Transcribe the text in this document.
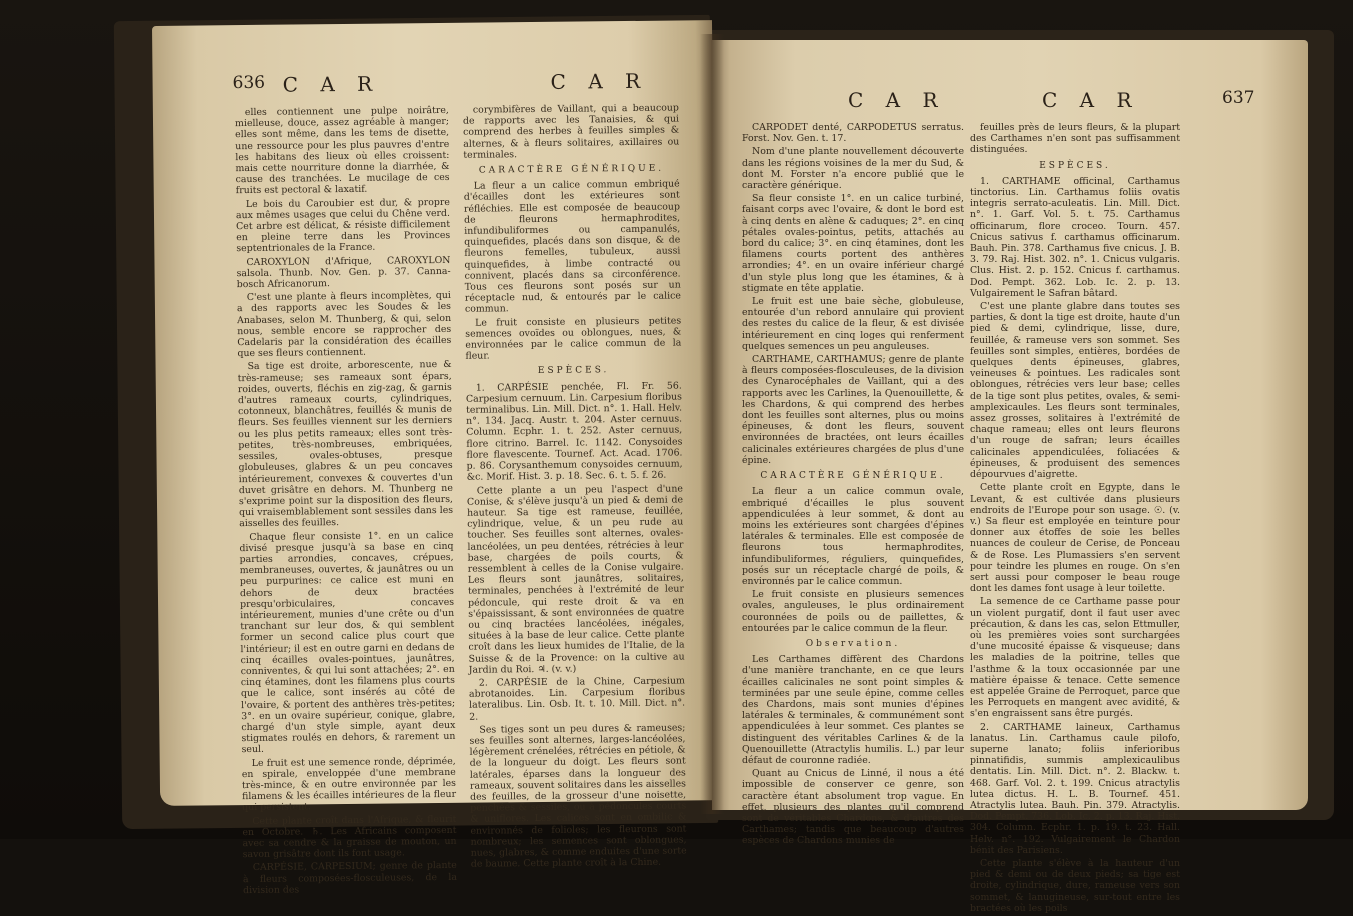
636 C A R	C A R

elles contiennent une pulpe noirâtre, mielleuse, douce, assez agréable à manger; elles sont même, dans les tems de disette, une ressource pour les plus pauvres d'entre les habitans des lieux où elles croissent: mais cette nourriture donne la diarrhée, & cause des tranchées. Le mucilage de ces fruits est pectoral & laxatif.

Le bois du Caroubier est dur, & propre aux mêmes usages que celui du Chêne verd. Cet arbre est délicat, & résiste difficilement en pleine terre dans les Provinces septentrionales de la France.

CAROXYLON d'Afrique, CAROXYLON salsola. Thunb. Nov. Gen. p. 37. Canna-bosch Africanorum.

C'est une plante à fleurs incomplètes, qui a des rapports avec les Soudes & les Anabases, selon M. Thunberg, & qui, selon nous, semble encore se rapprocher des Cadelaris par la considération des écailles que ses fleurs contiennent.

Sa tige est droite, arborescente, nue & très-rameuse; ses rameaux sont épars, roides, ouverts, fléchis en zig-zag, & garnis d'autres rameaux courts, cylindriques, cotonneux, blanchâtres, feuillés & munis de fleurs. Ses feuilles viennent sur les derniers ou les plus petits rameaux; elles sont très-petites, très-nombreuses, embriquées, sessiles, ovales-obtuses, presque globuleuses, glabres & un peu concaves intérieurement, convexes & couvertes d'un duvet grisâtre en dehors. M. Thunberg ne s'exprime point sur la disposition des fleurs, qui vraisemblablement sont sessiles dans les aisselles des feuilles.

Chaque fleur consiste 1°. en un calice divisé presque jusqu'à sa base en cinq parties arrondies, concaves, crépues, membraneuses, ouvertes, & jaunâtres ou un peu purpurines: ce calice est muni en dehors de deux bractées presqu'orbiculaires, concaves intérieurement, munies d'une crête ou d'un tranchant sur leur dos, & qui semblent former un second calice plus court que l'intérieur; il est en outre garni en dedans de cinq écailles ovales-pointues, jaunâtres, conniventes, & qui lui sont attachées; 2°. en cinq étamines, dont les filamens plus courts que le calice, sont insérés au côté de l'ovaire, & portent des anthères très-petites; 3°. en un ovaire supérieur, conique, glabre, chargé d'un style simple, ayant deux stigmates roulés en dehors, & rarement un seul.

Le fruit est une semence ronde, déprimée, en spirale, enveloppée d'une membrane très-mince, & en outre environnée par les filamens & les écailles intérieures de la fleur qui persistent.

Cette plante croît dans l'Afrique, & fleurit en Octobre. ♄. Les Africains composent avec sa cendre & la graisse de mouton, un savon grisâtre dont ils font usage.

CARPÉSIE, CARPESIUM; genre de plante à fleurs composées-flosculeuses, de la division des

corymbifères de Vaillant, qui a beaucoup de rapports avec les Tanaisies, & qui comprend des herbes à feuilles simples & alternes, & à fleurs solitaires, axillaires ou terminales.

CARACTÈRE GÉNÉRIQUE.

La fleur a un calice commun embriqué d'écailles dont les extérieures sont réfléchies. Elle est composée de beaucoup de fleurons hermaphrodites, infundibuliformes ou campanulés, quinquefides, placés dans son disque, & de fleurons femelles, tubuleux, aussi quinquefides, à limbe contracté ou connivent, placés dans sa circonférence. Tous ces fleurons sont posés sur un réceptacle nud, & entourés par le calice commun.

Le fruit consiste en plusieurs petites semences ovoïdes ou oblongues, nues, & environnées par le calice commun de la fleur.

ESPÈCES.

1. CARPÉSIE penchée, Fl. Fr. 56. Carpesium cernuum. Lin. Carpesium floribus terminalibus. Lin. Mill. Dict. n°. 1. Hall. Helv. n°. 134. Jacq. Austr. t. 204. Aster cernuus. Column. Ecphr. 1. t. 252. Aster cernuus, flore citrino. Barrel. Ic. 1142. Conysoides flore flavescente. Tournef. Act. Acad. 1706. p. 86. Corysanthemum conysoides cernuum, &c. Morif. Hist. 3. p. 18. Sec. 6. t. 5. f. 26.

Cette plante a un peu l'aspect d'une Conise, & s'élève jusqu'à un pied & demi de hauteur. Sa tige est rameuse, feuillée, cylindrique, velue, & un peu rude au toucher. Ses feuilles sont alternes, ovales-lancéolées, un peu dentées, rétrécies à leur base, chargées de poils courts, & ressemblent à celles de la Conise vulgaire. Les fleurs sont jaunâtres, solitaires, terminales, penchées à l'extrémité de leur pédoncule, qui reste droit & va en s'épaississant, & sont environnées de quatre ou cinq bractées lancéolées, inégales, situées à la base de leur calice. Cette plante croît dans les lieux humides de l'Italie, de la Suisse & de la Provence: on la cultive au Jardin du Roi. ♃. (v. v.)

2. CARPÉSIE de la Chine, Carpesium abrotanoides. Lin. Carpesium floribus lateralibus. Lin. Osb. It. t. 10. Mill. Dict. n°. 2.

Ses tiges sont un peu dures & rameuses; ses feuilles sont alternes, larges-lancéolées, légèrement crénelées, rétrécies en pétiole, & de la longueur du doigt. Les fleurs sont latérales, éparses dans la longueur des rameaux, souvent solitaires dans les aisselles des feuilles, de la grosseur d'une noisette, penchées & sessiles, ou à pédoncules courts & uniflores. Les calices sont en ombilic & environnés de folioles; les fleurons sont nombreux; les semences sont oblongues, nues, glabres, & comme enduites d'une sorte de baume. Cette plante croît à la Chine.

C A R	C A R	637

CARPODET denté, CARPODETUS serratus. Forst. Nov. Gen. t. 17.

Nom d'une plante nouvellement découverte dans les régions voisines de la mer du Sud, & dont M. Forster n'a encore publié que le caractère générique.

Sa fleur consiste 1°. en un calice turbiné, faisant corps avec l'ovaire, & dont le bord est à cinq dents en alène & caduques; 2°. en cinq pétales ovales-pointus, petits, attachés au bord du calice; 3°. en cinq étamines, dont les filamens courts portent des anthères arrondies; 4°. en un ovaire inférieur chargé d'un style plus long que les étamines, & à stigmate en tête applatie.

Le fruit est une baie sèche, globuleuse, entourée d'un rebord annulaire qui provient des restes du calice de la fleur, & est divisée intérieurement en cinq loges qui renferment quelques semences un peu anguleuses.

CARTHAME, CARTHAMUS; genre de plante à fleurs composées-flosculeuses, de la division des Cynarocéphales de Vaillant, qui a des rapports avec les Carlines, la Quenouillette, & les Chardons, & qui comprend des herbes dont les feuilles sont alternes, plus ou moins épineuses, & dont les fleurs, souvent environnées de bractées, ont leurs écailles calicinales extérieures chargées de plus d'une épine.

CARACTÈRE GÉNÉRIQUE.

La fleur a un calice commun ovale, embriqué d'écailles le plus souvent appendiculées à leur sommet, & dont au moins les extérieures sont chargées d'épines latérales & terminales. Elle est composée de fleurons tous hermaphrodites, infundibuliformes, réguliers, quinquefides, posés sur un réceptacle chargé de poils, & environnés par le calice commun.

Le fruit consiste en plusieurs semences ovales, anguleuses, le plus ordinairement couronnées de poils ou de paillettes, & entourées par le calice commun de la fleur.

Observation.

Les Carthames diffèrent des Chardons d'une manière tranchante, en ce que leurs écailles calicinales ne sont point simples & terminées par une seule épine, comme celles des Chardons, mais sont munies d'épines latérales & terminales, & communément sont appendiculées à leur sommet. Ces plantes se distinguent des véritables Carlines & de la Quenouillette (Atractylis humilis. L.) par leur défaut de couronne radiée.

Quant au Cnicus de Linné, il nous a été impossible de conserver ce genre, son caractère étant absolument trop vague. En effet, plusieurs des plantes qu'il comprend sont de véritables Chardons, & d'autres des Carthames; tandis que beaucoup d'autres espèces de Chardons munies de

feuilles près de leurs fleurs, & la plupart des Carthames n'en sont pas suffisamment distinguées.

ESPÈCES.

1. CARTHAME officinal, Carthamus tinctorius. Lin. Carthamus foliis ovatis integris serrato-aculeatis. Lin. Mill. Dict. n°. 1. Garf. Vol. 5. t. 75. Carthamus officinarum, flore croceo. Tourn. 457. Cnicus sativus f. carthamus officinarum. Bauh. Pin. 378. Carthamus five cnicus. J. B. 3. 79. Raj. Hist. 302. n°. 1. Cnicus vulgaris. Clus. Hist. 2. p. 152. Cnicus f. carthamus. Dod. Pempt. 362. Lob. Ic. 2. p. 13. Vulgairement le Safran bâtard.

C'est une plante glabre dans toutes ses parties, & dont la tige est droite, haute d'un pied & demi, cylindrique, lisse, dure, feuillée, & rameuse vers son sommet. Ses feuilles sont simples, entières, bordées de quelques dents épineuses, glabres, veineuses & pointues. Les radicales sont oblongues, rétrécies vers leur base; celles de la tige sont plus petites, ovales, & semi-amplexicaules. Les fleurs sont terminales, assez grosses, solitaires à l'extrémité de chaque rameau; elles ont leurs fleurons d'un rouge de safran; leurs écailles calicinales appendiculées, foliacées & épineuses, & produisent des semences dépourvues d'aigrette.

Cette plante croît en Egypte, dans le Levant, & est cultivée dans plusieurs endroits de l'Europe pour son usage. ☉. (v. v.) Sa fleur est employée en teinture pour donner aux étoffes de soie les belles nuances de couleur de Cerise, de Ponceau & de Rose. Les Plumassiers s'en servent pour teindre les plumes en rouge. On s'en sert aussi pour composer le beau rouge dont les dames font usage à leur toilette.

La semence de ce Carthame passe pour un violent purgatif, dont il faut user avec précaution, & dans les cas, selon Ettmuller, où les premières voies sont surchargées d'une mucosité épaisse & visqueuse; dans les maladies de la poitrine, telles que l'asthme & la toux occasionnée par une matière épaisse & tenace. Cette semence est appelée Graine de Perroquet, parce que les Perroquets en mangent avec avidité, & s'en engraissent sans être purgés.

2. CARTHAME laineux, Carthamus lanatus. Lin. Carthamus caule pilofo, superne lanato; foliis inferioribus pinnatifidis, summis amplexicaulibus dentatis. Lin. Mill. Dict. n°. 2. Blackw. t. 468. Garf. Vol. 2. t. 199. Cnicus atractylis lutea dictus. H. L. B. Tournef. 451. Atractylis lutea. Bauh. Pin. 379. Atractylis. Dod. Pempt. 736. Lob. Ic. 2. p. 13. Raj. Hist. 304. Column. Ecphr. 1. p. 19. t. 23. Hall. Helv. n°. 192. Vulgairement le Chardon bénit des Parisiens.

Cette plante s'élève à la hauteur d'un pied & demi ou de deux pieds; sa tige est droite, cylindrique, dure, rameuse vers son sommet, & lanugineuse, sur-tout entre les bractées où les poils
